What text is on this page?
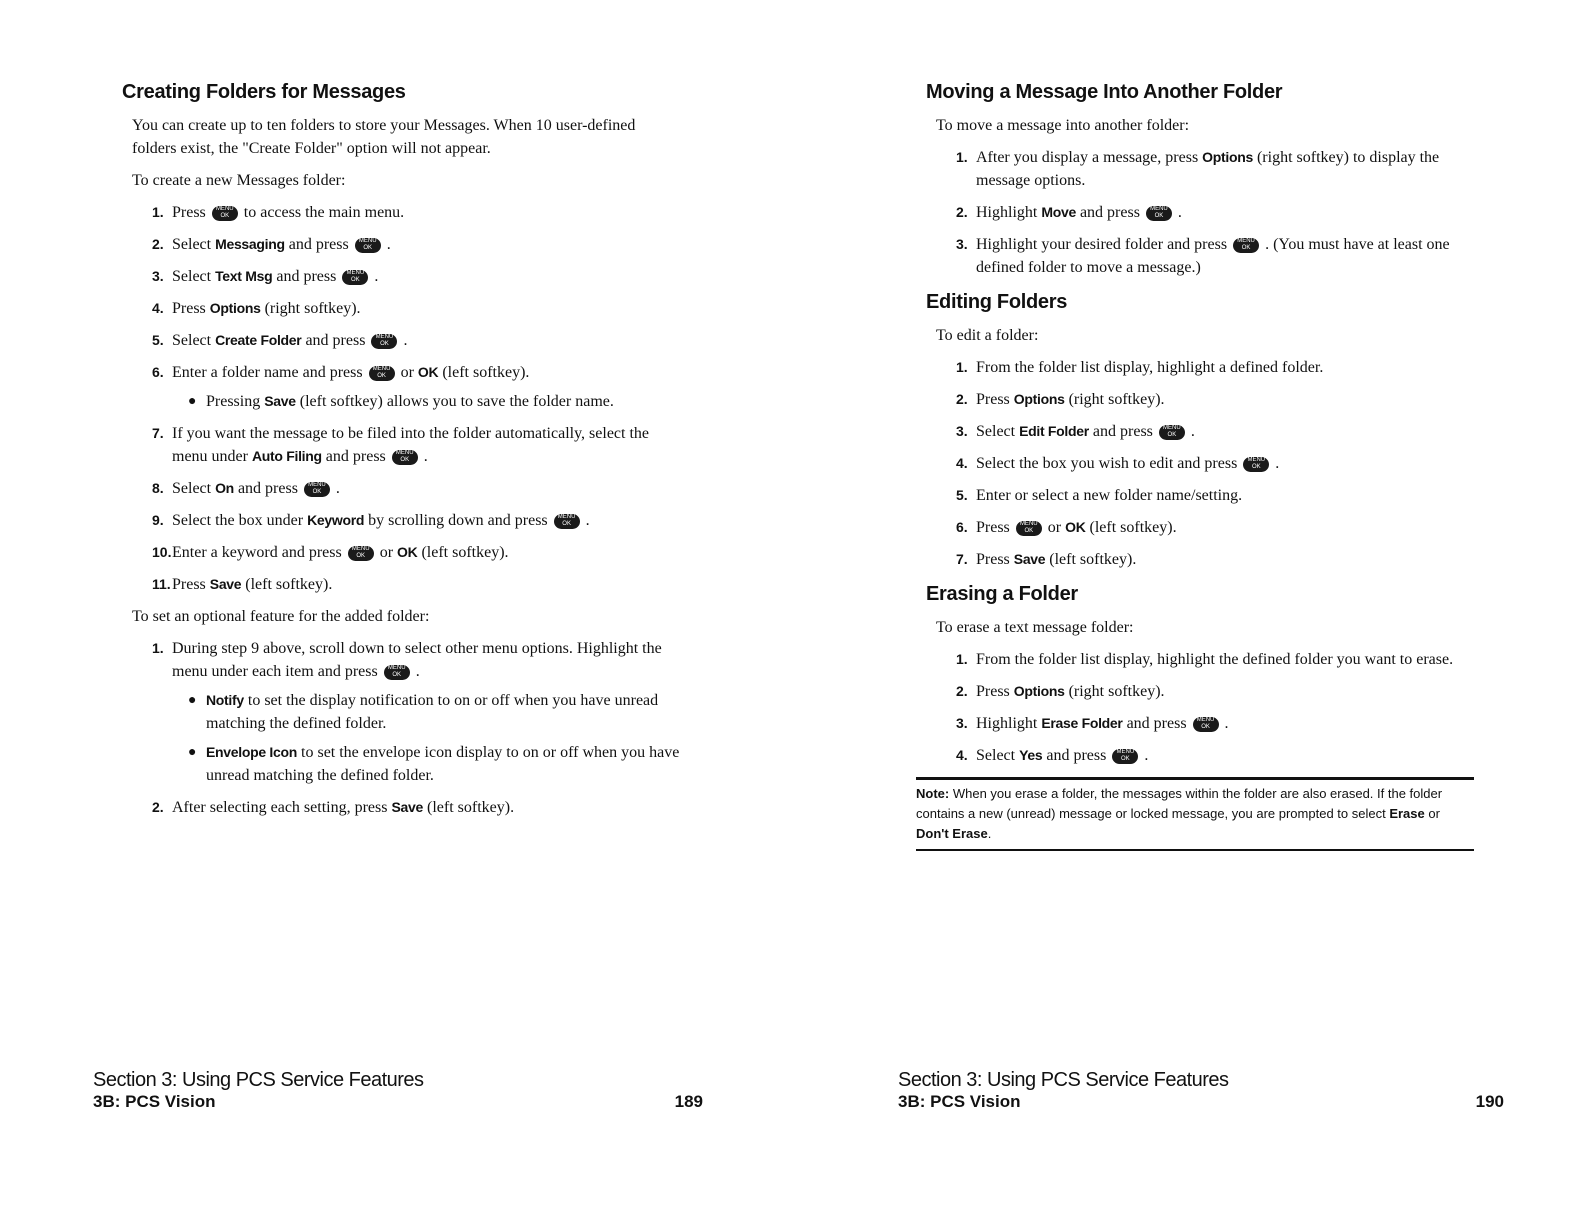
Creating Folders for Messages

You can create up to ten folders to store your Messages. When 10 user-defined folders exist, the "Create Folder" option will not appear.

To create a new Messages folder:

1. Press MENU OK to access the main menu.
2. Select Messaging and press MENU OK .
3. Select Text Msg and press MENU OK .
4. Press Options (right softkey).
5. Select Create Folder and press MENU OK .
6. Enter a folder name and press MENU OK or OK (left softkey).
● Pressing Save (left softkey) allows you to save the folder name.
7. If you want the message to be filed into the folder automatically, select the menu under Auto Filing and press MENU OK .
8. Select On and press MENU OK .
9. Select the box under Keyword by scrolling down and press MENU OK .
10. Enter a keyword and press MENU OK or OK (left softkey).
11. Press Save (left softkey).

To set an optional feature for the added folder:

1. During step 9 above, scroll down to select other menu options. Highlight the menu under each item and press MENU OK .
● Notify to set the display notification to on or off when you have unread matching the defined folder.
● Envelope Icon to set the envelope icon display to on or off when you have unread matching the defined folder.
2. After selecting each setting, press Save (left softkey).
Section 3: Using PCS Service Features
3B: PCS Vision	189
Moving a Message Into Another Folder

To move a message into another folder:

1. After you display a message, press Options (right softkey) to display the message options.
2. Highlight Move and press MENU OK .
3. Highlight your desired folder and press MENU OK . (You must have at least one defined folder to move a message.)
Editing Folders

To edit a folder:

1. From the folder list display, highlight a defined folder.
2. Press Options (right softkey).
3. Select Edit Folder and press MENU OK .
4. Select the box you wish to edit and press MENU OK .
5. Enter or select a new folder name/setting.
6. Press MENU OK or OK (left softkey).
7. Press Save (left softkey).
Erasing a Folder

To erase a text message folder:

1. From the folder list display, highlight the defined folder you want to erase.
2. Press Options (right softkey).
3. Highlight Erase Folder and press MENU OK .
4. Select Yes and press MENU OK .
Note: When you erase a folder, the messages within the folder are also erased. If the folder contains a new (unread) message or locked message, you are prompted to select Erase or Don't Erase.
Section 3: Using PCS Service Features
3B: PCS Vision	190
